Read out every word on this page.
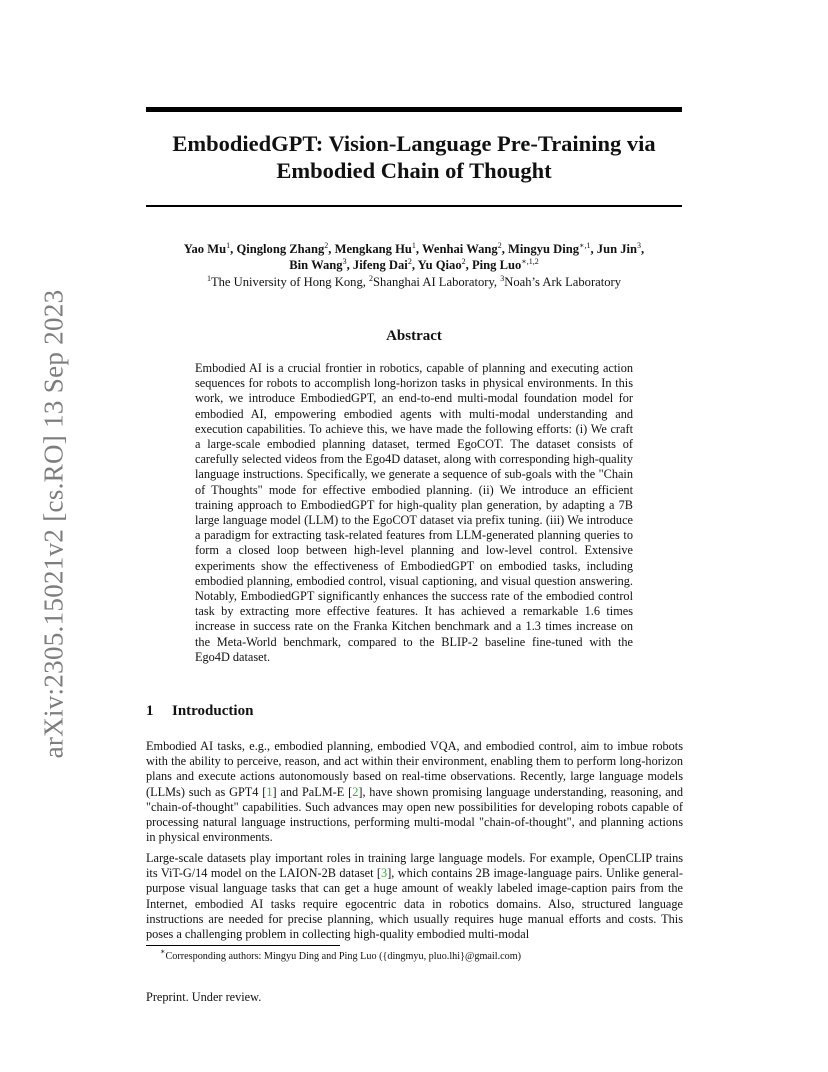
arXiv:2305.15021v2 [cs.RO] 13 Sep 2023
EmbodiedGPT: Vision-Language Pre-Training via
Embodied Chain of Thought
Yao Mu$^1$, Qinglong Zhang$^2$, Mengkang Hu$^1$, Wenhai Wang$^2$, Mingyu Ding$^{∗,1}$, Jun Jin$^3$,
Bin Wang$^3$, Jifeng Dai$^2$, Yu Qiao$^2$, Ping Luo$^{∗,1,2}$
$^1$The University of Hong Kong, $^2$Shanghai AI Laboratory, $^3$Noah’s Ark Laboratory
Abstract

Embodied AI is a crucial frontier in robotics, capable of planning and executing action sequences for robots to accomplish long-horizon tasks in physical environments. In this work, we introduce EmbodiedGPT, an end-to-end multi-modal foundation model for embodied AI, empowering embodied agents with multi-modal understanding and execution capabilities. To achieve this, we have made the following efforts: (i) We craft a large-scale embodied planning dataset, termed EgoCOT. The dataset consists of carefully selected videos from the Ego4D dataset, along with corresponding high-quality language instructions. Specifically, we generate a sequence of sub-goals with the "Chain of Thoughts" mode for effective embodied planning. (ii) We introduce an efficient training approach to EmbodiedGPT for high-quality plan generation, by adapting a 7B large language model (LLM) to the EgoCOT dataset via prefix tuning. (iii) We introduce a paradigm for extracting task-related features from LLM-generated planning queries to form a closed loop between high-level planning and low-level control. Extensive experiments show the effectiveness of EmbodiedGPT on embodied tasks, including embodied planning, embodied control, visual captioning, and visual question answering. Notably, EmbodiedGPT significantly enhances the success rate of the embodied control task by extracting more effective features. It has achieved a remarkable 1.6 times increase in success rate on the Franka Kitchen benchmark and a 1.3 times increase on the Meta-World benchmark, compared to the BLIP-2 baseline fine-tuned with the Ego4D dataset.

1 Introduction

Embodied AI tasks, e.g., embodied planning, embodied VQA, and embodied control, aim to imbue robots with the ability to perceive, reason, and act within their environment, enabling them to perform long-horizon plans and execute actions autonomously based on real-time observations. Recently, large language models (LLMs) such as GPT4 [1] and PaLM-E [2], have shown promising language understanding, reasoning, and "chain-of-thought" capabilities. Such advances may open new possibilities for developing robots capable of processing natural language instructions, performing multi-modal "chain-of-thought", and planning actions in physical environments.

Large-scale datasets play important roles in training large language models. For example, OpenCLIP trains its ViT-G/14 model on the LAION-2B dataset [3], which contains 2B image-language pairs. Unlike general-purpose visual language tasks that can get a huge amount of weakly labeled image-caption pairs from the Internet, embodied AI tasks require egocentric data in robotics domains. Also, structured language instructions are needed for precise planning, which usually requires huge manual efforts and costs. This poses a challenging problem in collecting high-quality embodied multi-modal

∗Corresponding authors: Mingyu Ding and Ping Luo ({dingmyu, pluo.lhi}@gmail.com)
Preprint. Under review.
